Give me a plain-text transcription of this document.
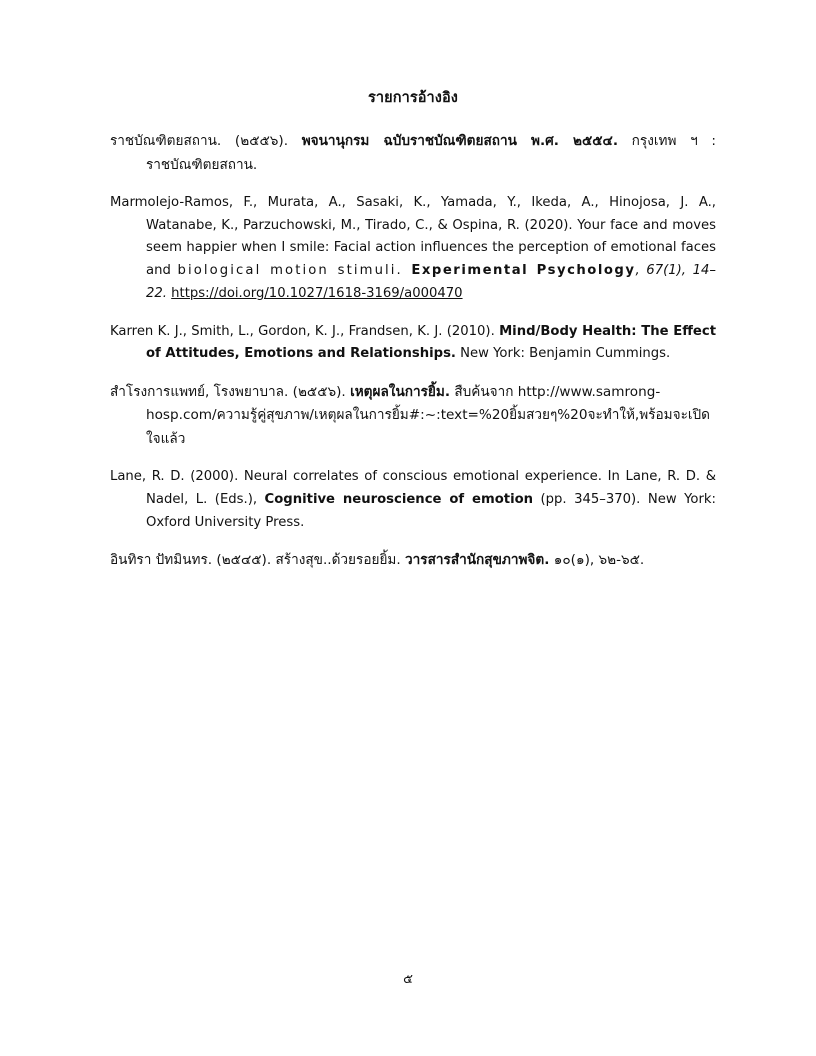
รายการอ้างอิง

ราชบัณฑิตยสถาน. (๒๕๕๖). พจนานุกรม ฉบับราชบัณฑิตยสถาน พ.ศ. ๒๕๕๔. กรุงเทพ ฯ : ราชบัณฑิตยสถาน.

Marmolejo-Ramos, F., Murata, A., Sasaki, K., Yamada, Y., Ikeda, A., Hinojosa, J. A., Watanabe, K., Parzuchowski, M., Tirado, C., & Ospina, R. (2020). Your face and moves seem happier when I smile: Facial action influences the perception of emotional faces and biological motion stimuli. Experimental Psychology, 67(1), 14–22. https://doi.org/10.1027/1618-3169/a000470

Karren K. J., Smith, L., Gordon, K. J., Frandsen, K. J. (2010). Mind/Body Health: The Effect of Attitudes, Emotions and Relationships. New York: Benjamin Cummings.

สำโรงการแพทย์, โรงพยาบาล. (๒๕๕๖). เหตุผลในการยิ้ม. สืบค้นจาก http://www.samrong-hosp.com/ความรู้คู่สุขภาพ/เหตุผลในการยิ้ม#:~:text=%20ยิ้มสวยๆ%20จะทำให้,พร้อมจะเปิดใจแล้ว

Lane, R. D. (2000). Neural correlates of conscious emotional experience. In Lane, R. D. & Nadel, L. (Eds.), Cognitive neuroscience of emotion (pp. 345–370). New York: Oxford University Press.

อินทิรา ปัทมินทร. (๒๕๔๕). สร้างสุข..ด้วยรอยยิ้ม. วารสารสำนักสุขภาพจิต. ๑๐(๑), ๖๒-๖๕.

๕
